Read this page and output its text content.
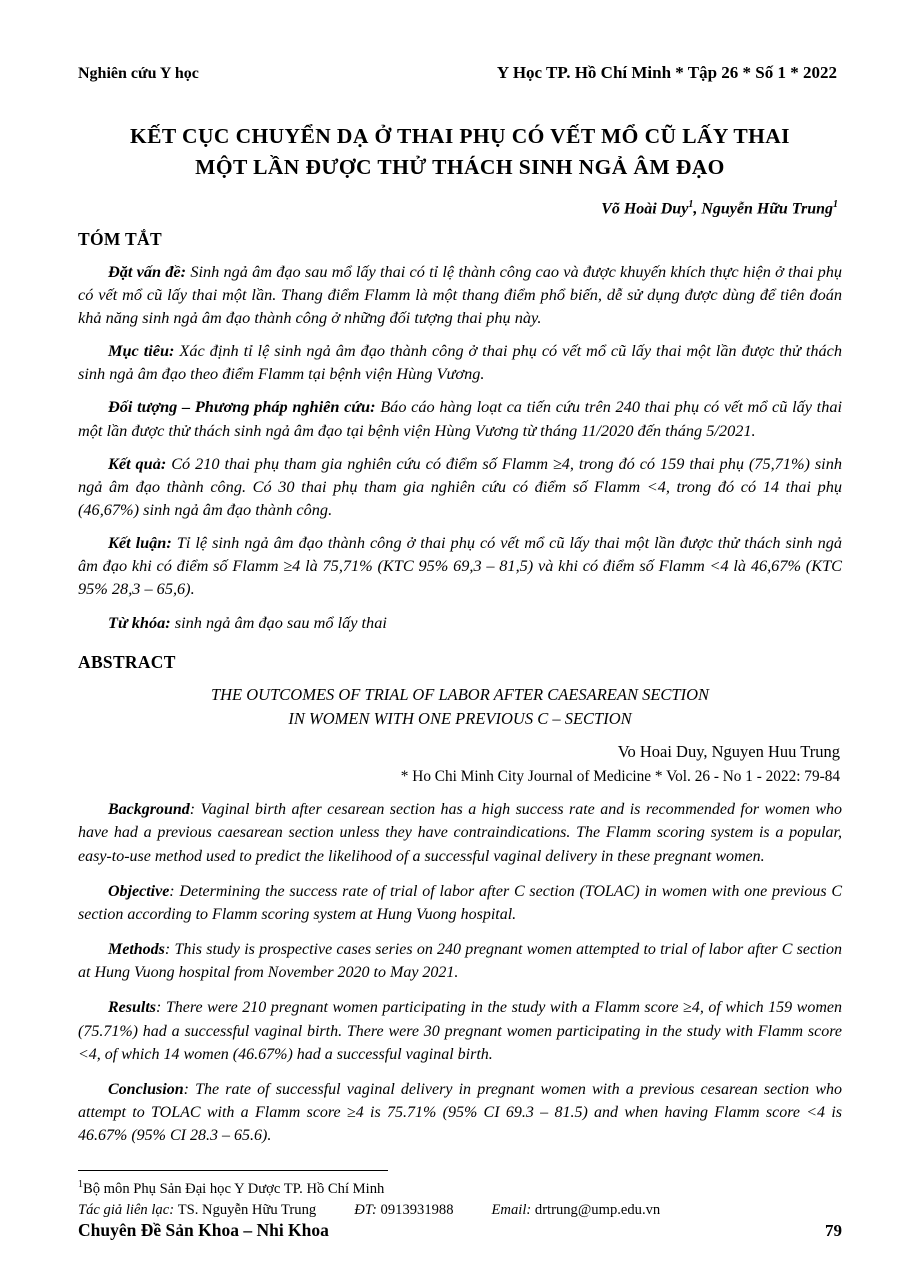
Nghiên cứu Y học	Y Học TP. Hồ Chí Minh * Tập 26 * Số 1 * 2022
KẾT CỤC CHUYỂN DẠ Ở THAI PHỤ CÓ VẾT MỔ CŨ LẤY THAI
MỘT LẦN ĐƯỢC THỬ THÁCH SINH NGẢ ÂM ĐẠO
Võ Hoài Duy$^1$, Nguyễn Hữu Trung$^1$
TÓM TẮT

Đặt vấn đề: Sinh ngả âm đạo sau mổ lấy thai có tỉ lệ thành công cao và được khuyến khích thực hiện ở thai phụ có vết mổ cũ lấy thai một lần. Thang điểm Flamm là một thang điểm phổ biến, dễ sử dụng được dùng để tiên đoán khả năng sinh ngả âm đạo thành công ở những đối tượng thai phụ này.

Mục tiêu: Xác định tỉ lệ sinh ngả âm đạo thành công ở thai phụ có vết mổ cũ lấy thai một lần được thử thách sinh ngả âm đạo theo điểm Flamm tại bệnh viện Hùng Vương.

Đối tượng – Phương pháp nghiên cứu: Báo cáo hàng loạt ca tiến cứu trên 240 thai phụ có vết mổ cũ lấy thai một lần được thử thách sinh ngả âm đạo tại bệnh viện Hùng Vương từ tháng 11/2020 đến tháng 5/2021.

Kết quả: Có 210 thai phụ tham gia nghiên cứu có điểm số Flamm ≥4, trong đó có 159 thai phụ (75,71%) sinh ngả âm đạo thành công. Có 30 thai phụ tham gia nghiên cứu có điểm số Flamm <4, trong đó có 14 thai phụ (46,67%) sinh ngả âm đạo thành công.

Kết luận: Tỉ lệ sinh ngả âm đạo thành công ở thai phụ có vết mổ cũ lấy thai một lần được thử thách sinh ngả âm đạo khi có điểm số Flamm ≥4 là 75,71% (KTC 95% 69,3 – 81,5) và khi có điểm số Flamm <4 là 46,67% (KTC 95% 28,3 – 65,6).

Từ khóa: sinh ngả âm đạo sau mổ lấy thai

ABSTRACT
THE OUTCOMES OF TRIAL OF LABOR AFTER CAESAREAN SECTION
IN WOMEN WITH ONE PREVIOUS C – SECTION
Vo Hoai Duy, Nguyen Huu Trung
* Ho Chi Minh City Journal of Medicine * Vol. 26 - No 1 - 2022: 79-84

Background: Vaginal birth after cesarean section has a high success rate and is recommended for women who have had a previous caesarean section unless they have contraindications. The Flamm scoring system is a popular, easy-to-use method used to predict the likelihood of a successful vaginal delivery in these pregnant women.

Objective: Determining the success rate of trial of labor after C section (TOLAC) in women with one previous C section according to Flamm scoring system at Hung Vuong hospital.

Methods: This study is prospective cases series on 240 pregnant women attempted to trial of labor after C section at Hung Vuong hospital from November 2020 to May 2021.

Results: There were 210 pregnant women participating in the study with a Flamm score ≥4, of which 159 women (75.71%) had a successful vaginal birth. There were 30 pregnant women participating in the study with Flamm score <4, of which 14 women (46.67%) had a successful vaginal birth.

Conclusion: The rate of successful vaginal delivery in pregnant women with a previous cesarean section who attempt to TOLAC with a Flamm score ≥4 is 75.71% (95% CI 69.3 – 81.5) and when having Flamm score <4 is 46.67% (95% CI 28.3 – 65.6).

$^1$Bộ môn Phụ Sản Đại học Y Dược TP. Hồ Chí Minh
Tác giả liên lạc: TS. Nguyễn Hữu Trung	ĐT: 0913931988	Email: drtrung@ump.edu.vn
Chuyên Đề Sản Khoa – Nhi Khoa	79
